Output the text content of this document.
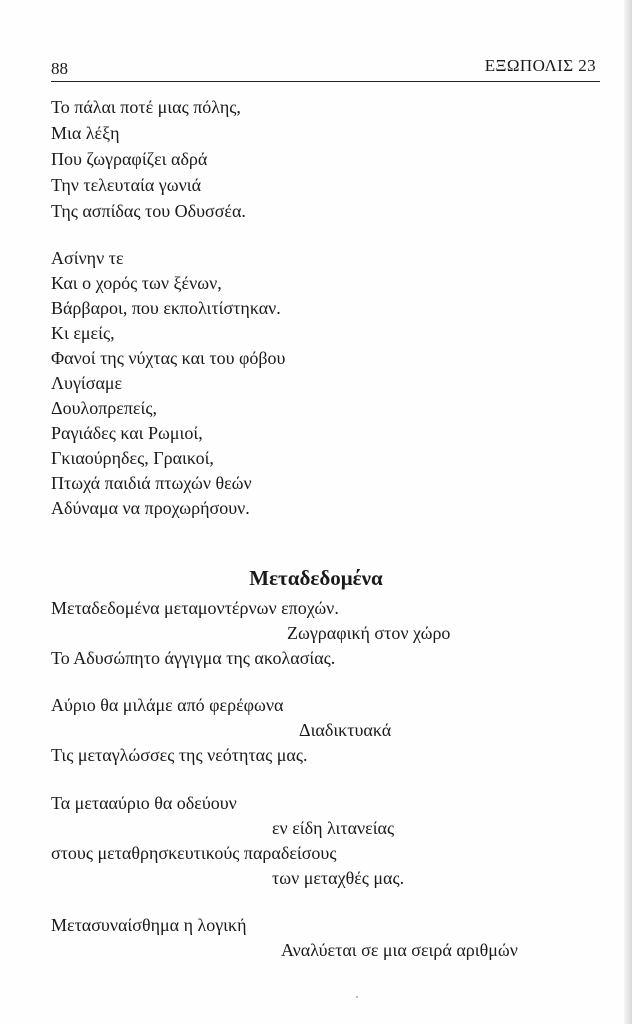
88	ΕΞΩΠΟΛΙΣ 23
Το πάλαι ποτέ μιας πόλης,
Μια λέξη
Που ζωγραφίζει αδρά
Την τελευταία γωνιά
Της ασπίδας του Οδυσσέα.
Ασίνην τε
Και ο χορός των ξένων,
Βάρβαροι, που εκπολιτίστηκαν.
Κι εμείς,
Φανοί της νύχτας και του φόβου
Λυγίσαμε
Δουλοπρεπείς,
Ραγιάδες και Ρωμιοί,
Γκιαούρηδες, Γραικοί,
Πτωχά παιδιά πτωχών θεών
Αδύναμα να προχωρήσουν.
Μεταδεδομένα
Μεταδεδομένα μεταμοντέρνων εποχών.
Ζωγραφική στον χώρο
Το Αδυσώπητο άγγιγμα της ακολασίας.
Αύριο θα μιλάμε από φερέφωνα
Διαδικτυακά
Τις μεταγλώσσες της νεότητας μας.
Τα μετααύριο θα οδεύουν
εν είδη λιτανείας
στους μεταθρησκευτικούς παραδείσους
των μεταχθές μας.
Μετασυναίσθημα η λογική
Αναλύεται σε μια σειρά αριθμών
